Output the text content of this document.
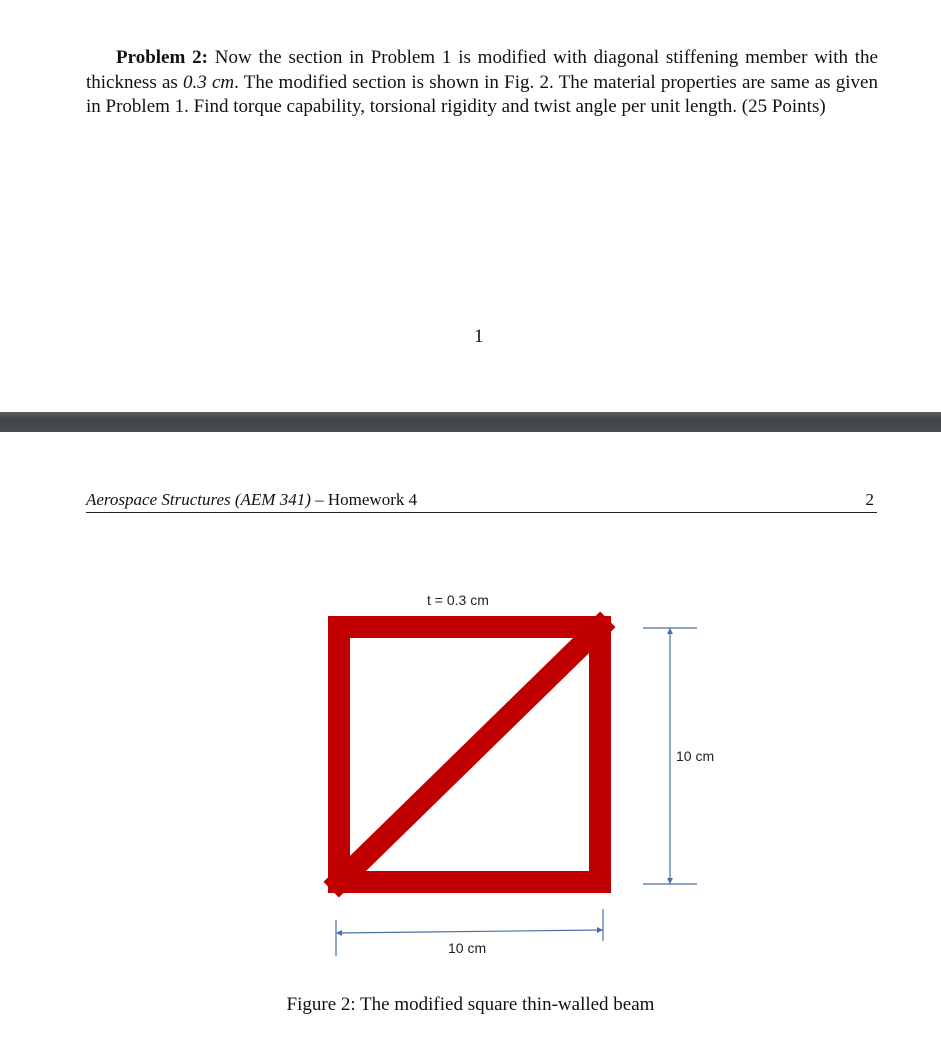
Problem 2: Now the section in Problem 1 is modified with diagonal stiffening member with the thickness as 0.3 cm. The modified section is shown in Fig. 2. The material properties are same as given in Problem 1. Find torque capability, torsional rigidity and twist angle per unit length. (25 Points)

1
Aerospace Structures (AEM 341) – Homework 4	2
t = 0.3 cm
10 cm
10 cm
Figure 2: The modified square thin-walled beam
